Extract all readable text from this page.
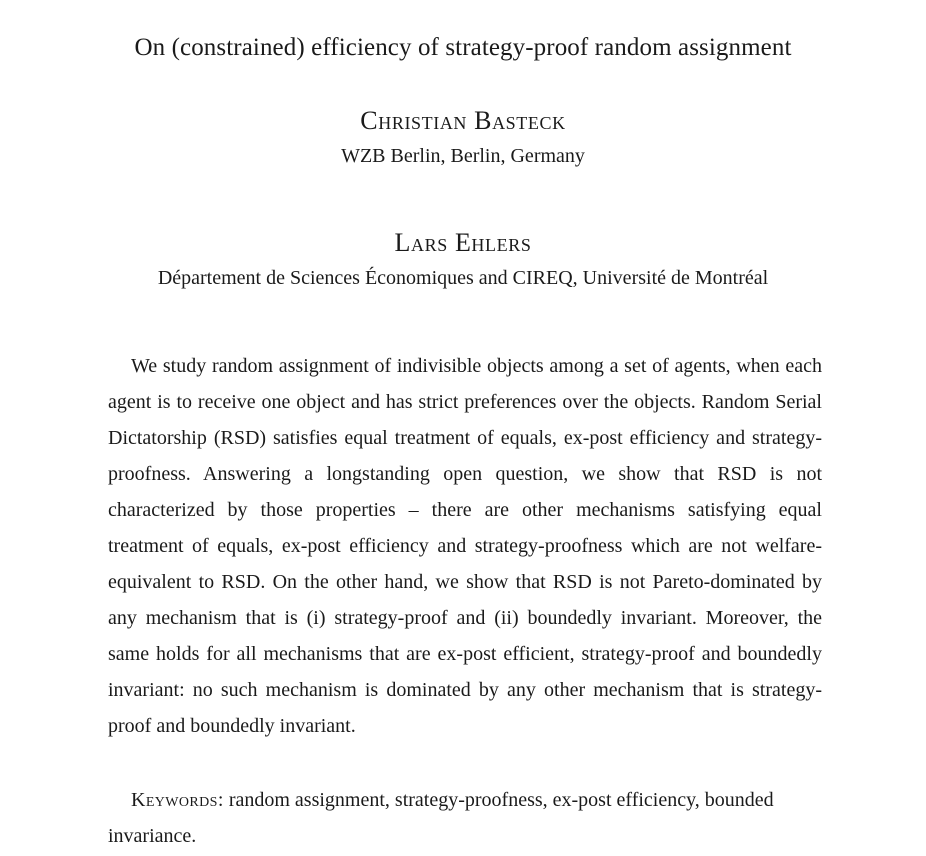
On (constrained) efficiency of strategy-proof random assignment
Christian Basteck

WZB Berlin, Berlin, Germany

Lars Ehlers

Département de Sciences Économiques and CIREQ, Université de Montréal

We study random assignment of indivisible objects among a set of agents, when each agent is to receive one object and has strict preferences over the objects. Random Serial Dictatorship (RSD) satisfies equal treatment of equals, ex-post efficiency and strategy-proofness. Answering a longstanding open question, we show that RSD is not characterized by those properties – there are other mechanisms satisfying equal treatment of equals, ex-post efficiency and strategy-proofness which are not welfare-equivalent to RSD. On the other hand, we show that RSD is not Pareto-dominated by any mechanism that is (i) strategy-proof and (ii) boundedly invariant. Moreover, the same holds for all mechanisms that are ex-post efficient, strategy-proof and boundedly invariant: no such mechanism is dominated by any other mechanism that is strategy-proof and boundedly invariant.

Keywords: random assignment, strategy-proofness, ex-post efficiency, bounded invariance.
